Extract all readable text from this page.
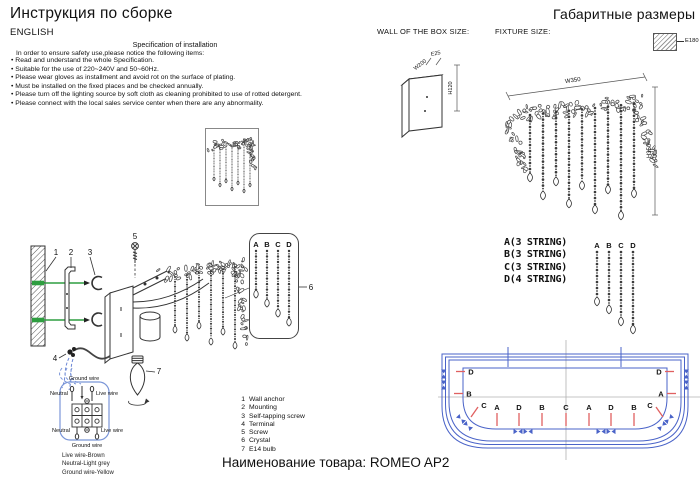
Инструкция по сборке
ENGLISH
Specification of installation
In order to ensure safety use,please notice the following items:
• Read and understand the whole Specification.
• Suitable for the use of 220~240V and 50~60Hz.
• Please wear gloves as installment and avoid rot on the surface of plating.
• Must be installed on the fixed places and be checked annually.
• Please turn off the lighting source by soft cloth as cleaning prohibited to use of rotted detergent.
• Please connect with the local sales service center when there are any abnormality.
1 2 3
5
4
7
A B C D
6
Ground wire
Neutral	Live wire
Neutral	Live wire
Ground wire
Live wire-Brown
Neutral-Light grey
Ground wire-Yellow
1 Wall anchor
2 Mounting
3 Self-tapping screw
4 Terminal
5 Screw
6 Crystal
7 E14 bulb
Наименование товара: ROMEO AP2
Габаритные размеры
WALL OF THE BOX SIZE:	FIXTURE SIZE:
E180
W200
E25
H120
W350
H350
A(3 STRING)
B(3 STRING)
C(3 STRING)
D(4 STRING)
A B C D
D
B
D
A
C	C
A D B C A D B
